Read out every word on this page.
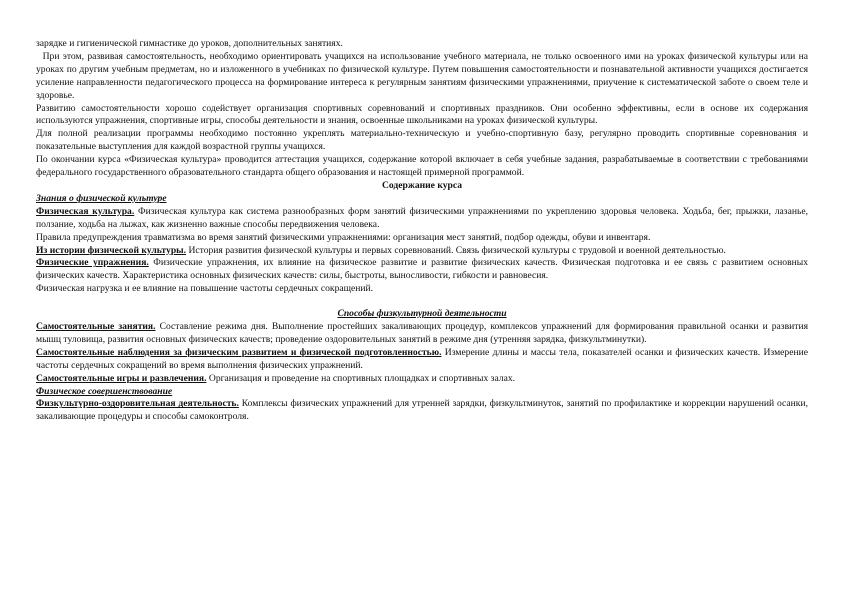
зарядке и гигиенической гимнастике до уроков, дополнительных занятиях.

При этом, развивая самостоятельность, необходимо ориентировать учащихся на использование учебного материала, не только освоенного ими на уроках физической культуры или на уроках по другим учебным предметам, но и изложенного в учебниках по физической культуре. Путем повышения самостоятельности и познавательной активности учащихся достигается усиление направленности педагогического процесса на формирование интереса к регулярным занятиям физическими упражнениями, приучение к систематической заботе о своем теле и здоровье.

Развитию самостоятельности хорошо содействует организация спортивных соревнований и спортивных праздников. Они особенно эффективны, если в основе их содержания используются упражнения, спортивные игры, способы деятельности и знания, освоенные школьниками на уроках физической культуры.

Для полной реализации программы необходимо постоянно укреплять материально-техническую и учебно-спортивную базу, регулярно проводить спортивные соревнования и показательные выступления для каждой возрастной группы учащихся.

По окончании курса «Физическая культура» проводится аттестация учащихся, содержание которой включает в себя учебные задания, разрабатываемые в соответствии с требованиями федерального государственного образовательного стандарта общего образования и настоящей примерной программой.

Содержание курса

Знания о физической культуре

Физическая культура. Физическая культура как система разнообразных форм занятий физическими упражнениями по укреплению здоровья человека. Ходьба, бег, прыжки, лазанье, ползание, ходьба на лыжах, как жизненно важные способы передвижения человека.

Правила предупреждения травматизма во время занятий физическими упражнениями: организация мест занятий, подбор одежды, обуви и инвентаря.

Из истории физической культуры. История развития физической культуры и первых соревнований. Связь физической культуры с трудовой и военной деятельностью.

Физические упражнения. Физические упражнения, их влияние на физическое развитие и развитие физических качеств. Физическая подготовка и ее связь с развитием основных физических качеств. Характеристика основных физических качеств: силы, быстроты, выносливости, гибкости и равновесия.

Физическая нагрузка и ее влияние на повышение частоты сердечных сокращений.

Способы физкультурной деятельности

Самостоятельные занятия. Составление режима дня. Выполнение простейших закаливающих процедур, комплексов упражнений для формирования правильной осанки и развития мышц туловища, развития основных физических качеств; проведение оздоровительных занятий в режиме дня (утренняя зарядка, физкультминутки).

Самостоятельные наблюдения за физическим развитием и физической подготовленностью. Измерение длины и массы тела, показателей осанки и физических качеств. Измерение частоты сердечных сокращений во время выполнения физических упражнений.

Самостоятельные игры и развлечения. Организация и проведение на спортивных площадках и спортивных залах.

Физическое совершенствование

Физкультурно-оздоровительная деятельность. Комплексы физических упражнений для утренней зарядки, физкультминуток, занятий по профилактике и коррекции нарушений осанки, закаливающие процедуры и способы самоконтроля.
